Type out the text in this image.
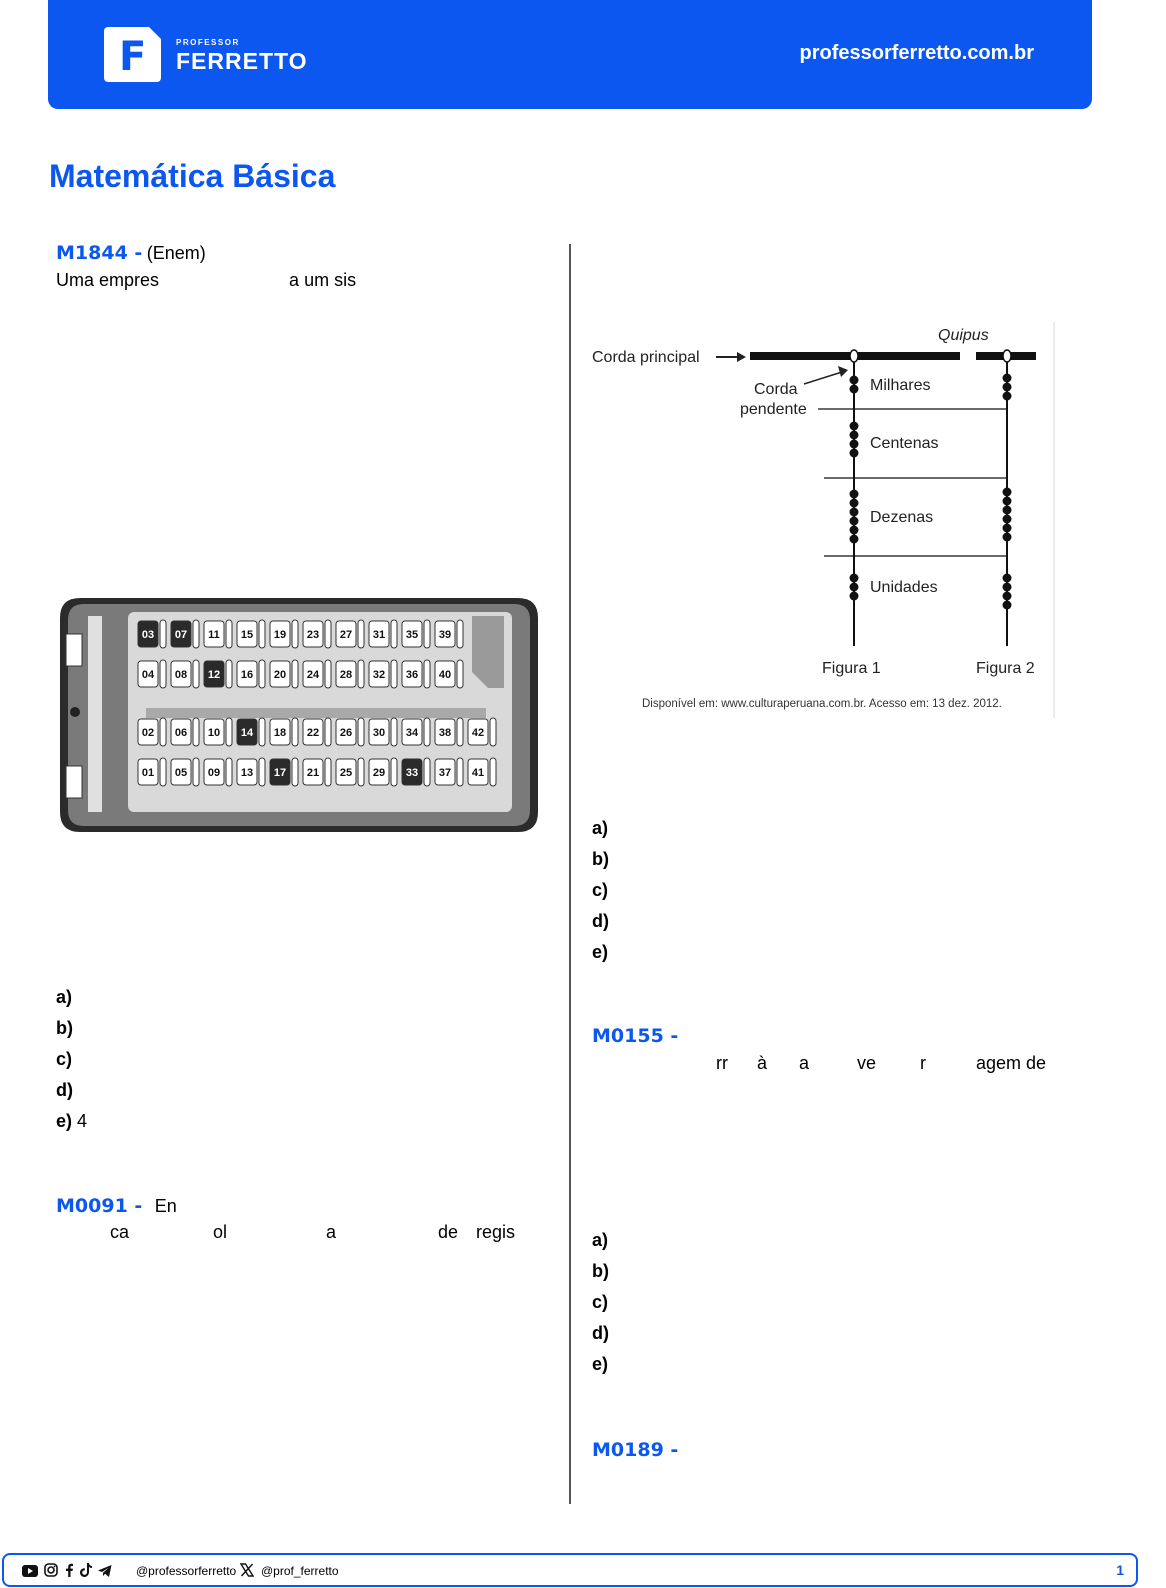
F	PROFESSOR
FERRETTO	professorferretto.com.br
Matemática Básica
M1844 - (Enem)
Uma empres                          a um sis
03 07 11 15 19 23 27 31 35 39
04 08 12 16 20 24 28 32 36 40
02 06 10 14 18 22 26 30 34 38 42
01 05 09 13 17 21 25 29 33 37 41
a)
b)
c)
d)
e) 4
M0091 - En
ca	ol	a	de regis
Quipus
Corda principal
Corda
pendente
Milhares
Centenas
Dezenas
Unidades
Figura 1	Figura 2
Disponível em: www.culturaperuana.com.br. Acesso em: 13 dez. 2012.
a)
b)
c)
d)
e)
M0155 -
rr à a	ve r	agem de
a)
b)
c)
d)
e)
M0189 -
@professorferretto @prof_ferretto	1
